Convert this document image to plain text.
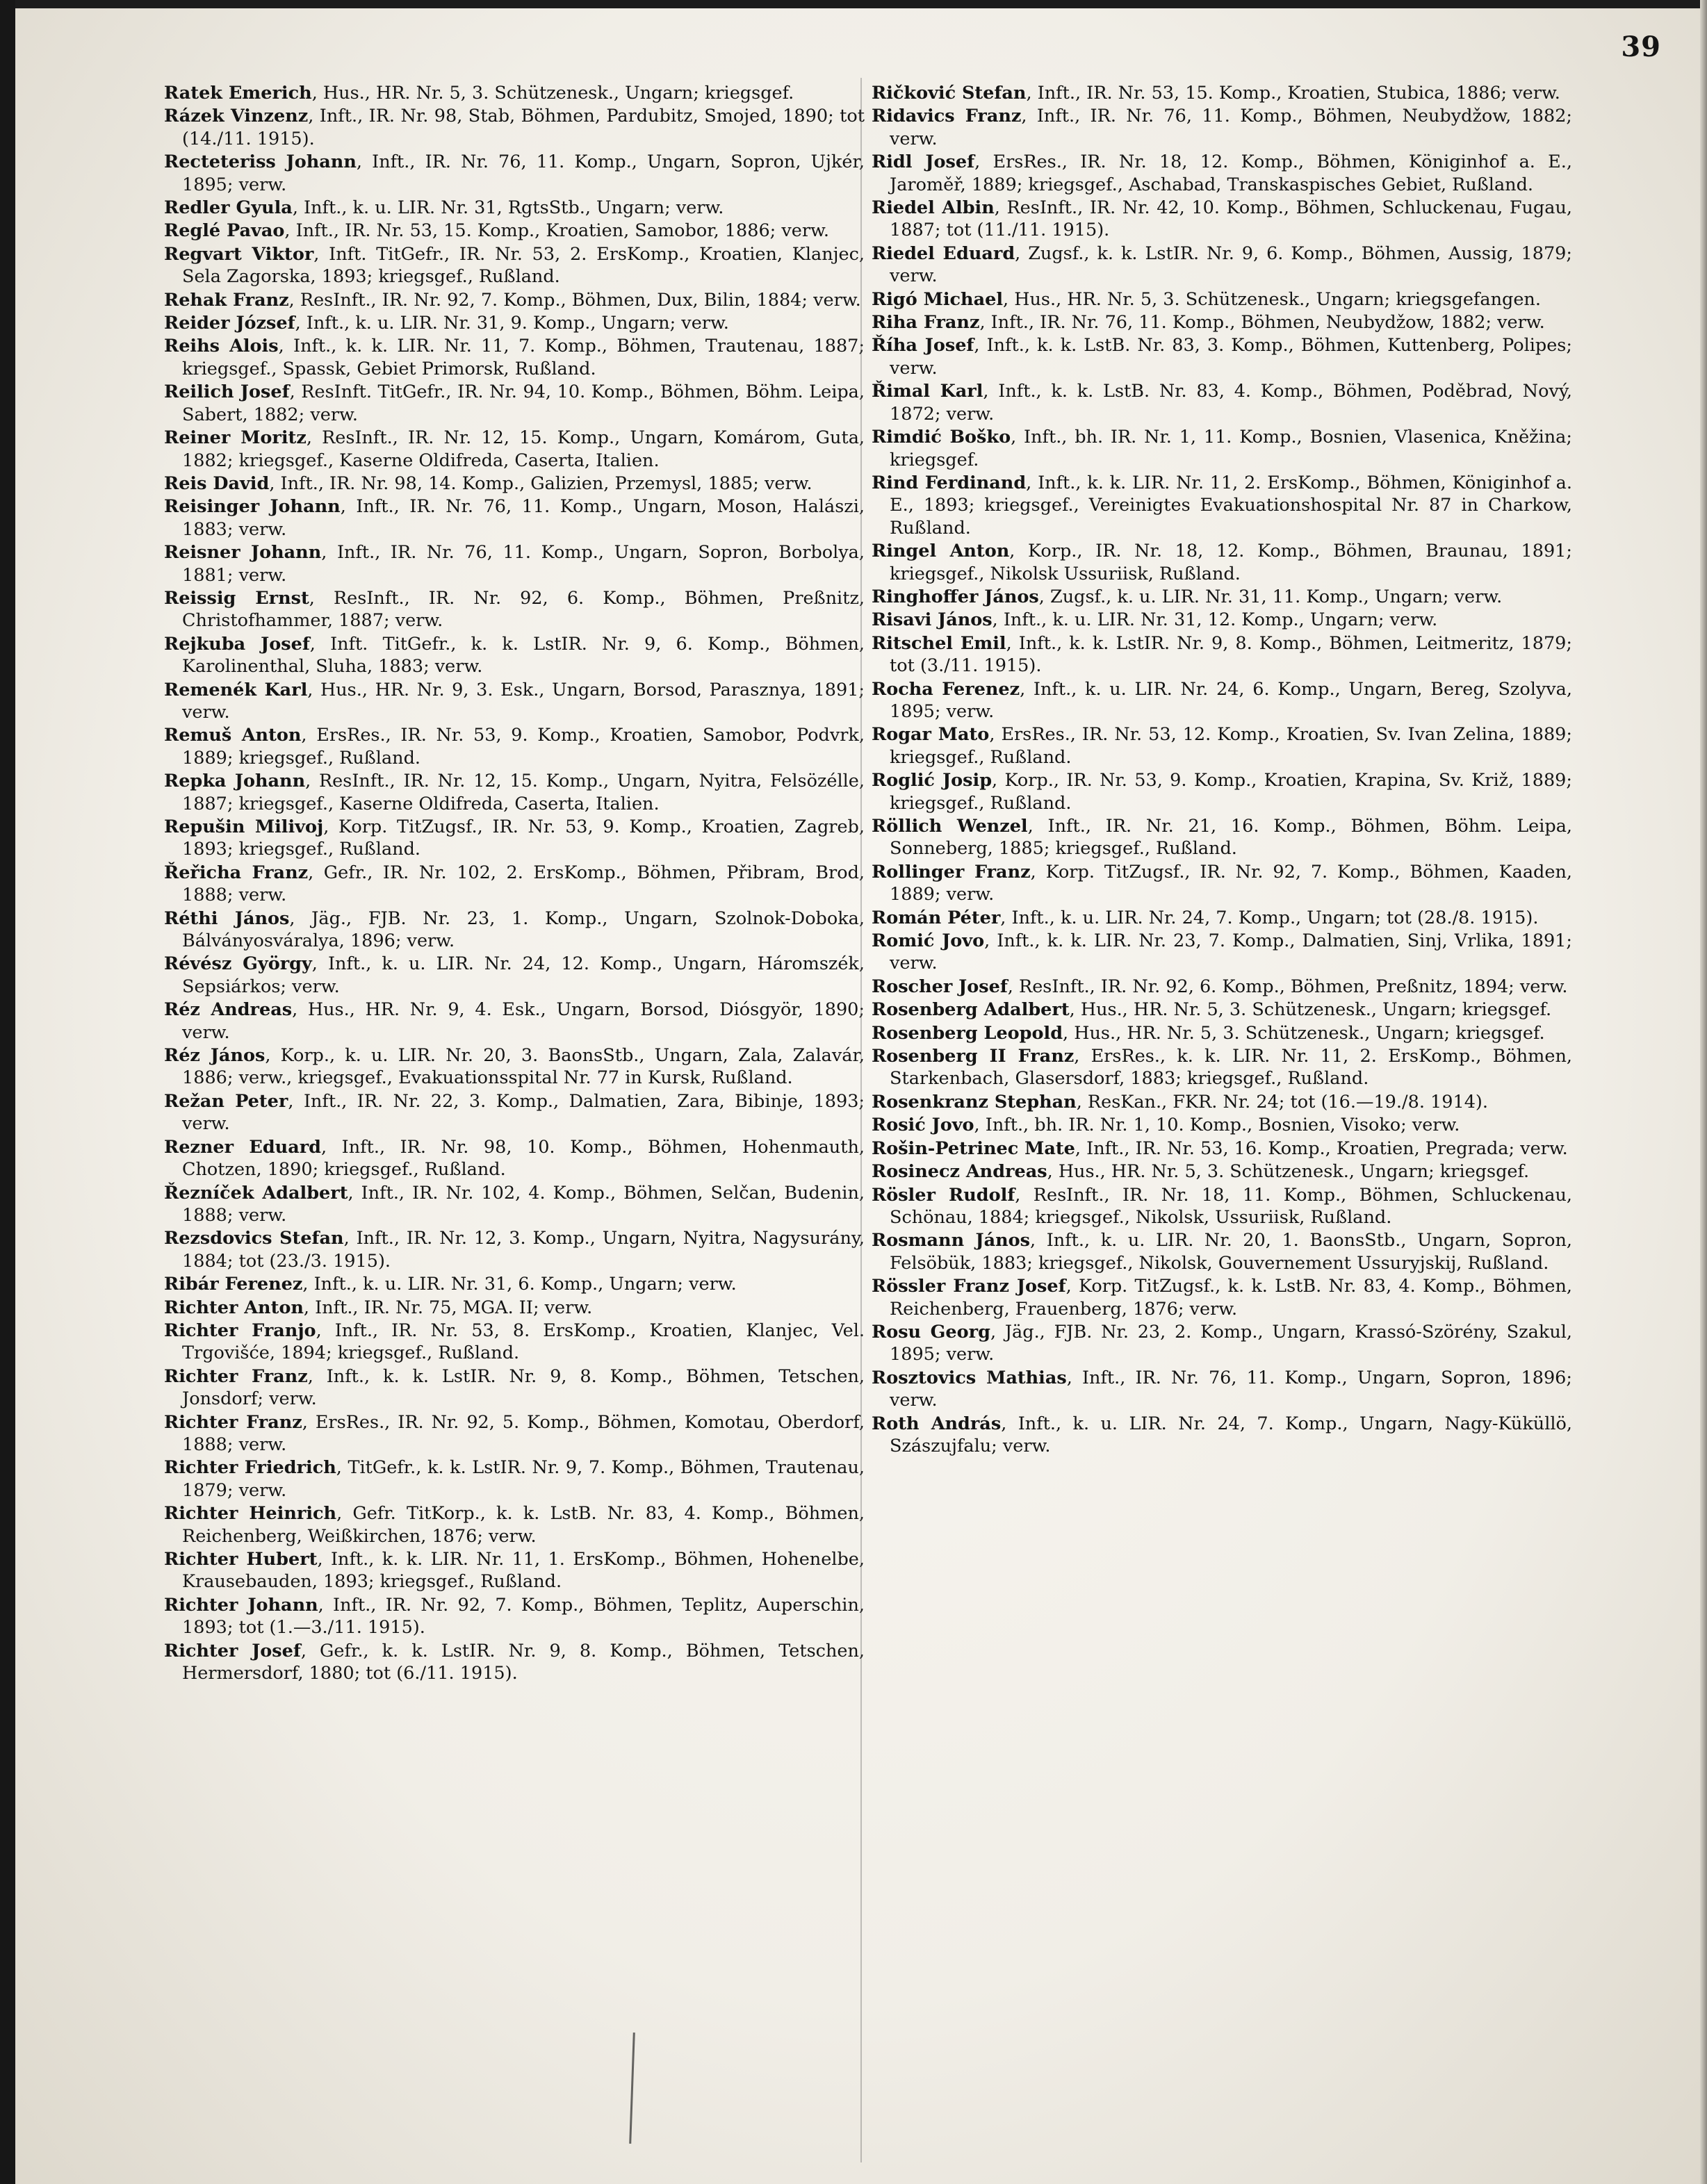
39

Ratek Emerich, Hus., HR. Nr. 5, 3. Schützenesk., Ungarn; kriegsgef.

Rázek Vinzenz, Inft., IR. Nr. 98, Stab, Böhmen, Pardubitz, Smojed, 1890; tot (14./11. 1915).

Recteteriss Johann, Inft., IR. Nr. 76, 11. Komp., Ungarn, Sopron, Ujkér, 1895; verw.

Redler Gyula, Inft., k. u. LIR. Nr. 31, RgtsStb., Ungarn; verw.

Reglé Pavao, Inft., IR. Nr. 53, 15. Komp., Kroatien, Samobor, 1886; verw.

Regvart Viktor, Inft. TitGefr., IR. Nr. 53, 2. ErsKomp., Kroatien, Klanjec, Sela Zagorska, 1893; kriegsgef., Rußland.

Rehak Franz, ResInft., IR. Nr. 92, 7. Komp., Böhmen, Dux, Bilin, 1884; verw.

Reider József, Inft., k. u. LIR. Nr. 31, 9. Komp., Ungarn; verw.

Reihs Alois, Inft., k. k. LIR. Nr. 11, 7. Komp., Böhmen, Trautenau, 1887; kriegsgef., Spassk, Gebiet Primorsk, Rußland.

Reilich Josef, ResInft. TitGefr., IR. Nr. 94, 10. Komp., Böhmen, Böhm. Leipa, Sabert, 1882; verw.

Reiner Moritz, ResInft., IR. Nr. 12, 15. Komp., Ungarn, Komárom, Guta, 1882; kriegsgef., Kaserne Oldifreda, Caserta, Italien.

Reis David, Inft., IR. Nr. 98, 14. Komp., Galizien, Przemysl, 1885; verw.

Reisinger Johann, Inft., IR. Nr. 76, 11. Komp., Ungarn, Moson, Halászi, 1883; verw.

Reisner Johann, Inft., IR. Nr. 76, 11. Komp., Ungarn, Sopron, Borbolya, 1881; verw.

Reissig Ernst, ResInft., IR. Nr. 92, 6. Komp., Böhmen, Preßnitz, Christofhammer, 1887; verw.

Rejkuba Josef, Inft. TitGefr., k. k. LstIR. Nr. 9, 6. Komp., Böhmen, Karolinenthal, Sluha, 1883; verw.

Remenék Karl, Hus., HR. Nr. 9, 3. Esk., Ungarn, Borsod, Parasznya, 1891; verw.

Remuš Anton, ErsRes., IR. Nr. 53, 9. Komp., Kroatien, Samobor, Podvrk, 1889; kriegsgef., Rußland.

Repka Johann, ResInft., IR. Nr. 12, 15. Komp., Ungarn, Nyitra, Felsözélle, 1887; kriegsgef., Kaserne Oldifreda, Caserta, Italien.

Repušin Milivoj, Korp. TitZugsf., IR. Nr. 53, 9. Komp., Kroatien, Zagreb, 1893; kriegsgef., Rußland.

Řeřicha Franz, Gefr., IR. Nr. 102, 2. ErsKomp., Böhmen, Přibram, Brod, 1888; verw.

Réthi János, Jäg., FJB. Nr. 23, 1. Komp., Ungarn, Szolnok-Doboka, Bálványosváralya, 1896; verw.

Révész György, Inft., k. u. LIR. Nr. 24, 12. Komp., Ungarn, Háromszék, Sepsiárkos; verw.

Réz Andreas, Hus., HR. Nr. 9, 4. Esk., Ungarn, Borsod, Diósgyör, 1890; verw.

Réz János, Korp., k. u. LIR. Nr. 20, 3. BaonsStb., Ungarn, Zala, Zalavár, 1886; verw., kriegsgef., Evakuationsspital Nr. 77 in Kursk, Rußland.

Režan Peter, Inft., IR. Nr. 22, 3. Komp., Dalmatien, Zara, Bibinje, 1893; verw.

Rezner Eduard, Inft., IR. Nr. 98, 10. Komp., Böhmen, Hohenmauth, Chotzen, 1890; kriegsgef., Rußland.

Řezníček Adalbert, Inft., IR. Nr. 102, 4. Komp., Böhmen, Selčan, Budenin, 1888; verw.

Rezsdovics Stefan, Inft., IR. Nr. 12, 3. Komp., Ungarn, Nyitra, Nagysurány, 1884; tot (23./3. 1915).

Ribár Ferenez, Inft., k. u. LIR. Nr. 31, 6. Komp., Ungarn; verw.

Richter Anton, Inft., IR. Nr. 75, MGA. II; verw.

Richter Franjo, Inft., IR. Nr. 53, 8. ErsKomp., Kroatien, Klanjec, Vel. Trgovišće, 1894; kriegsgef., Rußland.

Richter Franz, Inft., k. k. LstIR. Nr. 9, 8. Komp., Böhmen, Tetschen, Jonsdorf; verw.

Richter Franz, ErsRes., IR. Nr. 92, 5. Komp., Böhmen, Komotau, Oberdorf, 1888; verw.

Richter Friedrich, TitGefr., k. k. LstIR. Nr. 9, 7. Komp., Böhmen, Trautenau, 1879; verw.

Richter Heinrich, Gefr. TitKorp., k. k. LstB. Nr. 83, 4. Komp., Böhmen, Reichenberg, Weißkirchen, 1876; verw.

Richter Hubert, Inft., k. k. LIR. Nr. 11, 1. ErsKomp., Böhmen, Hohenelbe, Krausebauden, 1893; kriegsgef., Rußland.

Richter Johann, Inft., IR. Nr. 92, 7. Komp., Böhmen, Teplitz, Auperschin, 1893; tot (1.—3./11. 1915).

Richter Josef, Gefr., k. k. LstIR. Nr. 9, 8. Komp., Böhmen, Tetschen, Hermersdorf, 1880; tot (6./11. 1915).

Ričković Stefan, Inft., IR. Nr. 53, 15. Komp., Kroatien, Stubica, 1886; verw.

Ridavics Franz, Inft., IR. Nr. 76, 11. Komp., Böhmen, Neubydžow, 1882; verw.

Ridl Josef, ErsRes., IR. Nr. 18, 12. Komp., Böhmen, Königinhof a. E., Jaroměř, 1889; kriegsgef., Aschabad, Transkaspisches Gebiet, Rußland.

Riedel Albin, ResInft., IR. Nr. 42, 10. Komp., Böhmen, Schluckenau, Fugau, 1887; tot (11./11. 1915).

Riedel Eduard, Zugsf., k. k. LstIR. Nr. 9, 6. Komp., Böhmen, Aussig, 1879; verw.

Rigó Michael, Hus., HR. Nr. 5, 3. Schützenesk., Ungarn; kriegsgefangen.

Riha Franz, Inft., IR. Nr. 76, 11. Komp., Böhmen, Neubydžow, 1882; verw.

Říha Josef, Inft., k. k. LstB. Nr. 83, 3. Komp., Böhmen, Kuttenberg, Polipes; verw.

Řimal Karl, Inft., k. k. LstB. Nr. 83, 4. Komp., Böhmen, Poděbrad, Nový, 1872; verw.

Rimdić Boško, Inft., bh. IR. Nr. 1, 11. Komp., Bosnien, Vlasenica, Kněžina; kriegsgef.

Rind Ferdinand, Inft., k. k. LIR. Nr. 11, 2. ErsKomp., Böhmen, Königinhof a. E., 1893; kriegsgef., Vereinigtes Evakuationshospital Nr. 87 in Charkow, Rußland.

Ringel Anton, Korp., IR. Nr. 18, 12. Komp., Böhmen, Braunau, 1891; kriegsgef., Nikolsk Ussuriisk, Rußland.

Ringhoffer János, Zugsf., k. u. LIR. Nr. 31, 11. Komp., Ungarn; verw.

Risavi János, Inft., k. u. LIR. Nr. 31, 12. Komp., Ungarn; verw.

Ritschel Emil, Inft., k. k. LstIR. Nr. 9, 8. Komp., Böhmen, Leitmeritz, 1879; tot (3./11. 1915).

Rocha Ferenez, Inft., k. u. LIR. Nr. 24, 6. Komp., Ungarn, Bereg, Szolyva, 1895; verw.

Rogar Mato, ErsRes., IR. Nr. 53, 12. Komp., Kroatien, Sv. Ivan Zelina, 1889; kriegsgef., Rußland.

Roglić Josip, Korp., IR. Nr. 53, 9. Komp., Kroatien, Krapina, Sv. Križ, 1889; kriegsgef., Rußland.

Röllich Wenzel, Inft., IR. Nr. 21, 16. Komp., Böhmen, Böhm. Leipa, Sonneberg, 1885; kriegsgef., Rußland.

Rollinger Franz, Korp. TitZugsf., IR. Nr. 92, 7. Komp., Böhmen, Kaaden, 1889; verw.

Román Péter, Inft., k. u. LIR. Nr. 24, 7. Komp., Ungarn; tot (28./8. 1915).

Romić Jovo, Inft., k. k. LIR. Nr. 23, 7. Komp., Dalmatien, Sinj, Vrlika, 1891; verw.

Roscher Josef, ResInft., IR. Nr. 92, 6. Komp., Böhmen, Preßnitz, 1894; verw.

Rosenberg Adalbert, Hus., HR. Nr. 5, 3. Schützenesk., Ungarn; kriegsgef.

Rosenberg Leopold, Hus., HR. Nr. 5, 3. Schützenesk., Ungarn; kriegsgef.

Rosenberg II Franz, ErsRes., k. k. LIR. Nr. 11, 2. ErsKomp., Böhmen, Starkenbach, Glasersdorf, 1883; kriegsgef., Rußland.

Rosenkranz Stephan, ResKan., FKR. Nr. 24; tot (16.—19./8. 1914).

Rosić Jovo, Inft., bh. IR. Nr. 1, 10. Komp., Bosnien, Visoko; verw.

Rošin-Petrinec Mate, Inft., IR. Nr. 53, 16. Komp., Kroatien, Pregrada; verw.

Rosinecz Andreas, Hus., HR. Nr. 5, 3. Schützenesk., Ungarn; kriegsgef.

Rösler Rudolf, ResInft., IR. Nr. 18, 11. Komp., Böhmen, Schluckenau, Schönau, 1884; kriegsgef., Nikolsk, Ussuriisk, Rußland.

Rosmann János, Inft., k. u. LIR. Nr. 20, 1. BaonsStb., Ungarn, Sopron, Felsöbük, 1883; kriegsgef., Nikolsk, Gouvernement Ussuryjskij, Rußland.

Rössler Franz Josef, Korp. TitZugsf., k. k. LstB. Nr. 83, 4. Komp., Böhmen, Reichenberg, Frauenberg, 1876; verw.

Rosu Georg, Jäg., FJB. Nr. 23, 2. Komp., Ungarn, Krassó-Szörény, Szakul, 1895; verw.

Rosztovics Mathias, Inft., IR. Nr. 76, 11. Komp., Ungarn, Sopron, 1896; verw.

Roth András, Inft., k. u. LIR. Nr. 24, 7. Komp., Ungarn, Nagy-Küküllö, Szászujfalu; verw.
